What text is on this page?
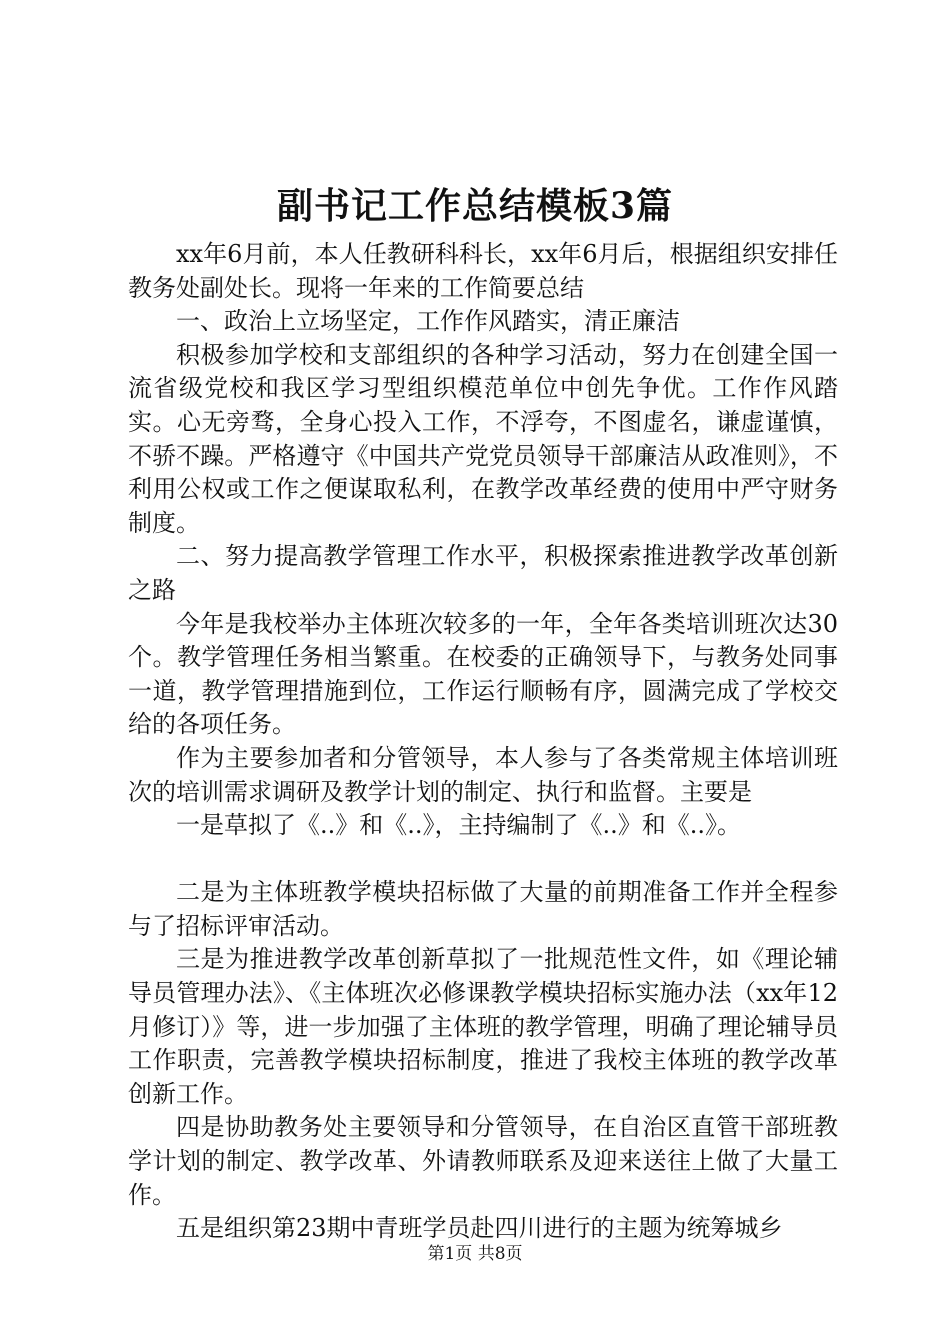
副书记工作总结模板3篇

xx年6月前，本人任教研科科长，xx年6月后，根据组织安排任教务处副处长。现将一年来的工作简要总结

一、政治上立场坚定，工作作风踏实，清正廉洁

积极参加学校和支部组织的各种学习活动，努力在创建全国一流省级党校和我区学习型组织模范单位中创先争优。工作作风踏实。心无旁骛，全身心投入工作，不浮夸，不图虚名，谦虚谨慎，不骄不躁。严格遵守《中国共产党党员领导干部廉洁从政准则》，不利用公权或工作之便谋取私利，在教学改革经费的使用中严守财务制度。

二、努力提高教学管理工作水平，积极探索推进教学改革创新之路

今年是我校举办主体班次较多的一年，全年各类培训班次达30个。教学管理任务相当繁重。在校委的正确领导下，与教务处同事一道，教学管理措施到位，工作运行顺畅有序，圆满完成了学校交给的各项任务。

作为主要参加者和分管领导，本人参与了各类常规主体培训班次的培训需求调研及教学计划的制定、执行和监督。主要是

一是草拟了《..》和《..》，主持编制了《..》和《..》。

二是为主体班教学模块招标做了大量的前期准备工作并全程参与了招标评审活动。

三是为推进教学改革创新草拟了一批规范性文件，如《理论辅导员管理办法》、《主体班次必修课教学模块招标实施办法（xx年12月修订）》等，进一步加强了主体班的教学管理，明确了理论辅导员工作职责，完善教学模块招标制度，推进了我校主体班的教学改革创新工作。

四是协助教务处主要领导和分管领导，在自治区直管干部班教学计划的制定、教学改革、外请教师联系及迎来送往上做了大量工作。

五是组织第23期中青班学员赴四川进行的主题为统筹城乡

第1页 共8页
